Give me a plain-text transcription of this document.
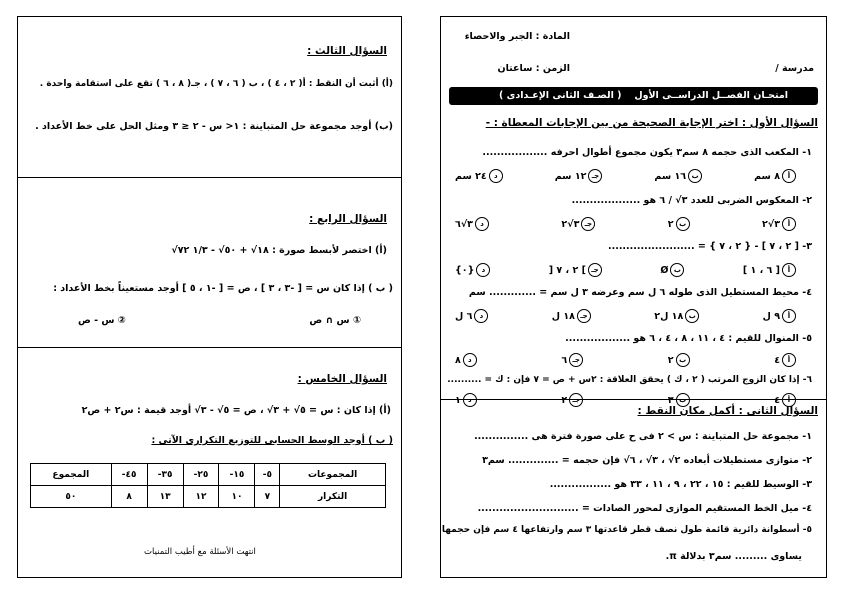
المادة : الجبر والاحصاء
مدرسة /
الزمن : ساعتان
امتحـان الفصــل الدراســى الأول
( الصـف الثانى الإعـدادى )
السؤال الأول : اختر الإجابة الصحيحة من بين الإجابات المعطاة : -
١- المكعب الذى حجمه ٨ سم٣ يكون مجموع أطوال احرفه ..................
أ
٨ سم
ب
١٦ سم
جـ
١٢ سم
د
٢٤ سم
٢- المعكوس الضربى للعدد ٣√ / ٦ هو ...................
أ
٣√٢
ب
٢
جـ
٣√٢
د
٣√٦
٣- [ ٢ ، ٧ ] - { ٢ ، ٧ } = ........................
أ
[ ٦ ، ١ ]
ب
Ø
جـ
] ٢ ، ٧ [
د
{٠}
٤- محيط المستطيل الذى طوله ٦ ل سم وعرضه ٣ ل سم = ............. سم
أ
٩ ل
ب
١٨ ل٢
جـ
١٨ ل
د
٦ ل
٥- المنوال للقيم : ٤ ، ١١ ، ٨ ، ٤ ، ٦ هو ..................
أ
٤
ب
٢
جـ
٦
د
٨
٦- إذا كان الزوج المرتب ( ٢ ، ك ) يحقق العلاقة : ٢س + ص = ٧ فإن : ك = ..........
أ
٤
ب
٣
جـ
٢
د
١
السؤال الثانى : أكمل مكان النقط :
١- مجموعة حل المتباينة : س > ٢ فى ح على صورة فترة هى ...............
٢- متوازى مستطيلات أبعاده ٢√ ، ٣√ ، ٦√ فإن حجمه = .............. سم٣
٣- الوسيط للقيم : ١٥ ، ٢٢ ، ٩ ، ١١ ، ٣٣ هو .................
٤- ميل الخط المستقيم الموازى لمحور الصادات = ............................
٥- أسطوانة دائرية قائمة طول نصف قطر قاعدتها ٣ سم وارتفاعها ٤ سم فإن حجمها
يساوى ......... سم٣ بدلالة π.
السؤال الثالث :
(أ) أثبت أن النقط : أ( ٢ ، ٤ ) ، ب ( ٦ ، ٧ ) ، جـ( ٨ ، ٦ ) تقع على استقامة واحدة .
(ب) أوجد مجموعة حل المتباينة : ١< س - ٢ ≤ ٣ ومثل الحل على خط الأعداد .
السؤال الرابع :
(أ) اختصر لأبسط صورة : ١٨√ + ٥٠√ - ١/٣ ٧٢√
( ب ) إذا كان س = [ -٣ ، ٣ ] ، ص = [ -١ ، ٥ ] أوجد مستعيناً بخط الأعداد :
① س ∩ ص
② س - ص
السؤال الخامس :
(أ) إذا كان : س = ٥√ + ٣√ ، ص = ٥√ - ٣√ أوجد قيمة : س٢ + ص٢
( ب ) أوجد الوسط الحسابى للتوزيع التكرارى الآتى :
المجموعات	٥-	١٥-	٢٥-	٣٥-	٤٥-	المجموع
التكرار	٧	١٠	١٢	١٣	٨	٥٠
انتهت الأسئلة مع أطيب التمنيات
